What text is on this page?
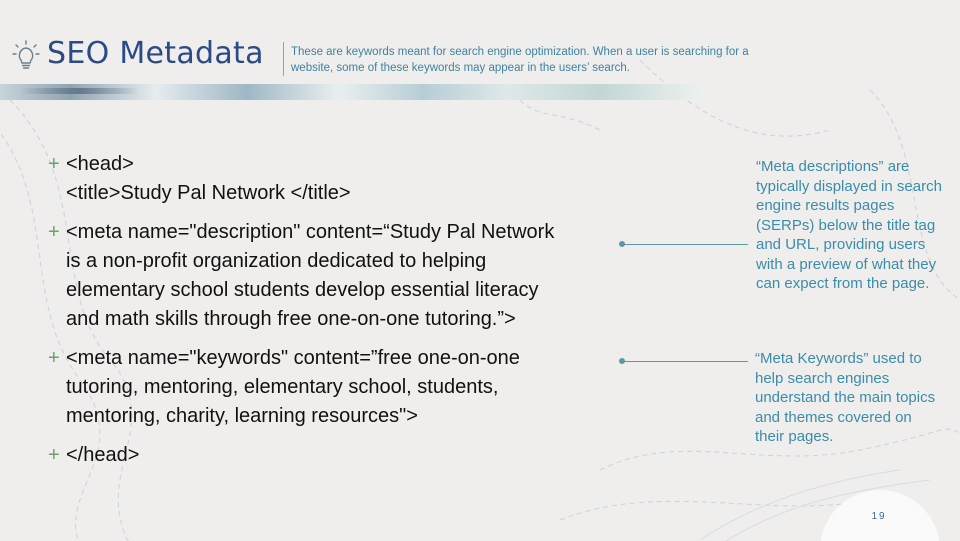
SEO Metadata These are keywords meant for search engine optimization. When a user is searching for a website, some of these keywords may appear in the users’ search.
+ <head>
<title>Study Pal Network </title>
+ <meta name="description" content=“Study Pal Network
is a non-profit organization dedicated to helping
elementary school students develop essential literacy
and math skills through free one-on-one tutoring.”>
+ <meta name="keywords" content=”free one-on-one
tutoring, mentoring, elementary school, students,
mentoring, charity, learning resources">
+ </head>
“Meta descriptions” are typically displayed in search engine results pages (SERPs) below the title tag and URL, providing users with a preview of what they can expect from the page.
“Meta Keywords” used to help search engines understand the main topics and themes covered on their pages.
19
